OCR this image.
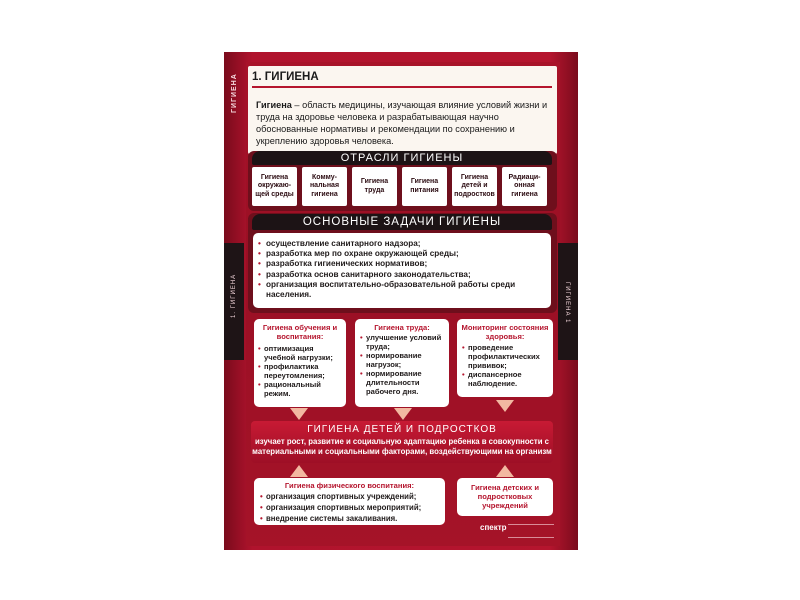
ГИГИЕНА
1. ГИГИЕНА	ГИГИЕНА 1
1. ГИГИЕНА
Гигиена – область медицины, изучающая влияние условий жизни и труда на здоровье человека и разрабатывающая научно обоснованные нормативы и рекомендации по сохранению и укреплению здоровья человека.
ОТРАСЛИ ГИГИЕНЫ
Гигиена окружаю-щей среды
Комму-нальная гигиена
Гигиена труда
Гигиена питания
Гигиена детей и подростков
Радиаци-онная гигиена
ОСНОВНЫЕ ЗАДАЧИ ГИГИЕНЫ
• осуществление санитарного надзора;
• разработка мер по охране окружающей среды;
• разработка гигиенических нормативов;
• разработка основ санитарного законодательства;
• организация воспитательно-образовательной работы среди населения.
Гигиена обучения и воспитания:
• оптимизация учебной нагрузки;
• профилактика переутомления;
• рациональный режим.
Гигиена труда:
• улучшение условий труда;
• нормирование нагрузок;
• нормирование длительности рабочего дня.
Мониторинг состояния здоровья:
• проведение профилактических прививок;
• диспансерное наблюдение.
ГИГИЕНА ДЕТЕЙ И ПОДРОСТКОВ
изучает рост, развитие и социальную адаптацию ребенка в совокупности с материальными и социальными факторами, воздействующими на организм
Гигиена физического воспитания:
• организация спортивных учреждений;
• организация спортивных мероприятий;
• внедрение системы закаливания.
Гигиена детских и подростковых учреждений
спектр
